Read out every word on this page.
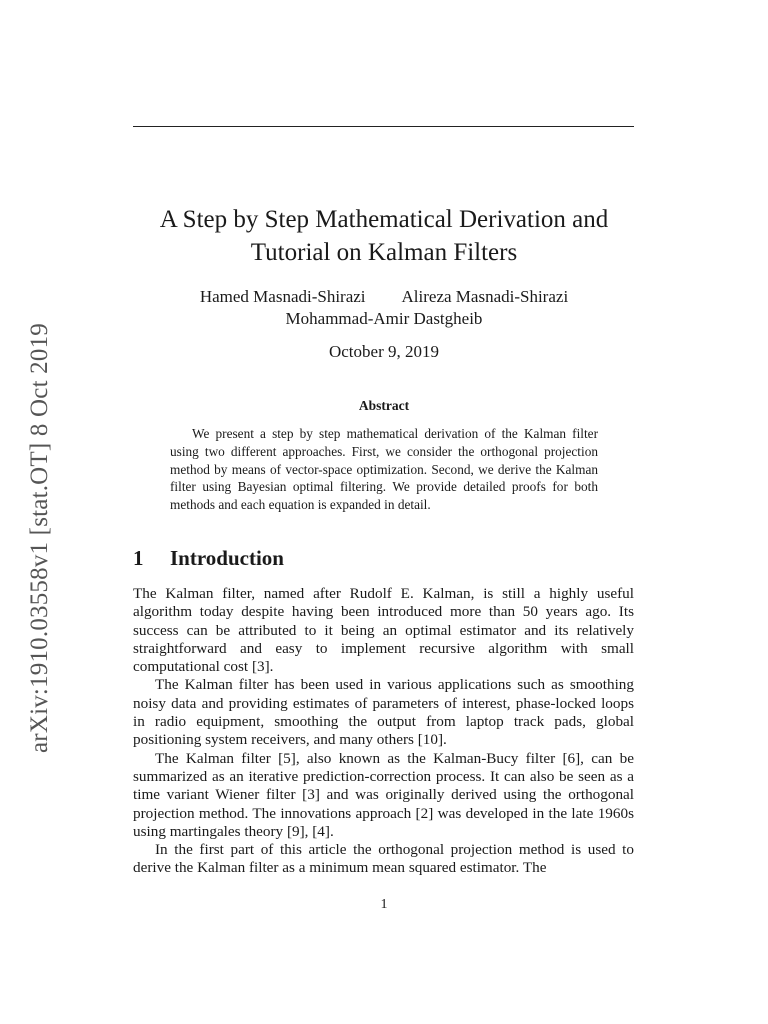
arXiv:1910.03558v1 [stat.OT] 8 Oct 2019
A Step by Step Mathematical Derivation and
Tutorial on Kalman Filters
Hamed Masnadi-Shirazi Alireza Masnadi-Shirazi
Mohammad-Amir Dastgheib
October 9, 2019
Abstract
We present a step by step mathematical derivation of the Kalman filter using two different approaches. First, we consider the orthogonal projection method by means of vector-space optimization. Second, we derive the Kalman filter using Bayesian optimal filtering. We provide detailed proofs for both methods and each equation is expanded in detail.
1 Introduction

The Kalman filter, named after Rudolf E. Kalman, is still a highly useful algorithm today despite having been introduced more than 50 years ago. Its success can be attributed to it being an optimal estimator and its relatively straightforward and easy to implement recursive algorithm with small computational cost [3].

The Kalman filter has been used in various applications such as smoothing noisy data and providing estimates of parameters of interest, phase-locked loops in radio equipment, smoothing the output from laptop track pads, global positioning system receivers, and many others [10].

The Kalman filter [5], also known as the Kalman-Bucy filter [6], can be summarized as an iterative prediction-correction process. It can also be seen as a time variant Wiener filter [3] and was originally derived using the orthogonal projection method. The innovations approach [2] was developed in the late 1960s using martingales theory [9], [4].

In the first part of this article the orthogonal projection method is used to derive the Kalman filter as a minimum mean squared estimator. The

1
